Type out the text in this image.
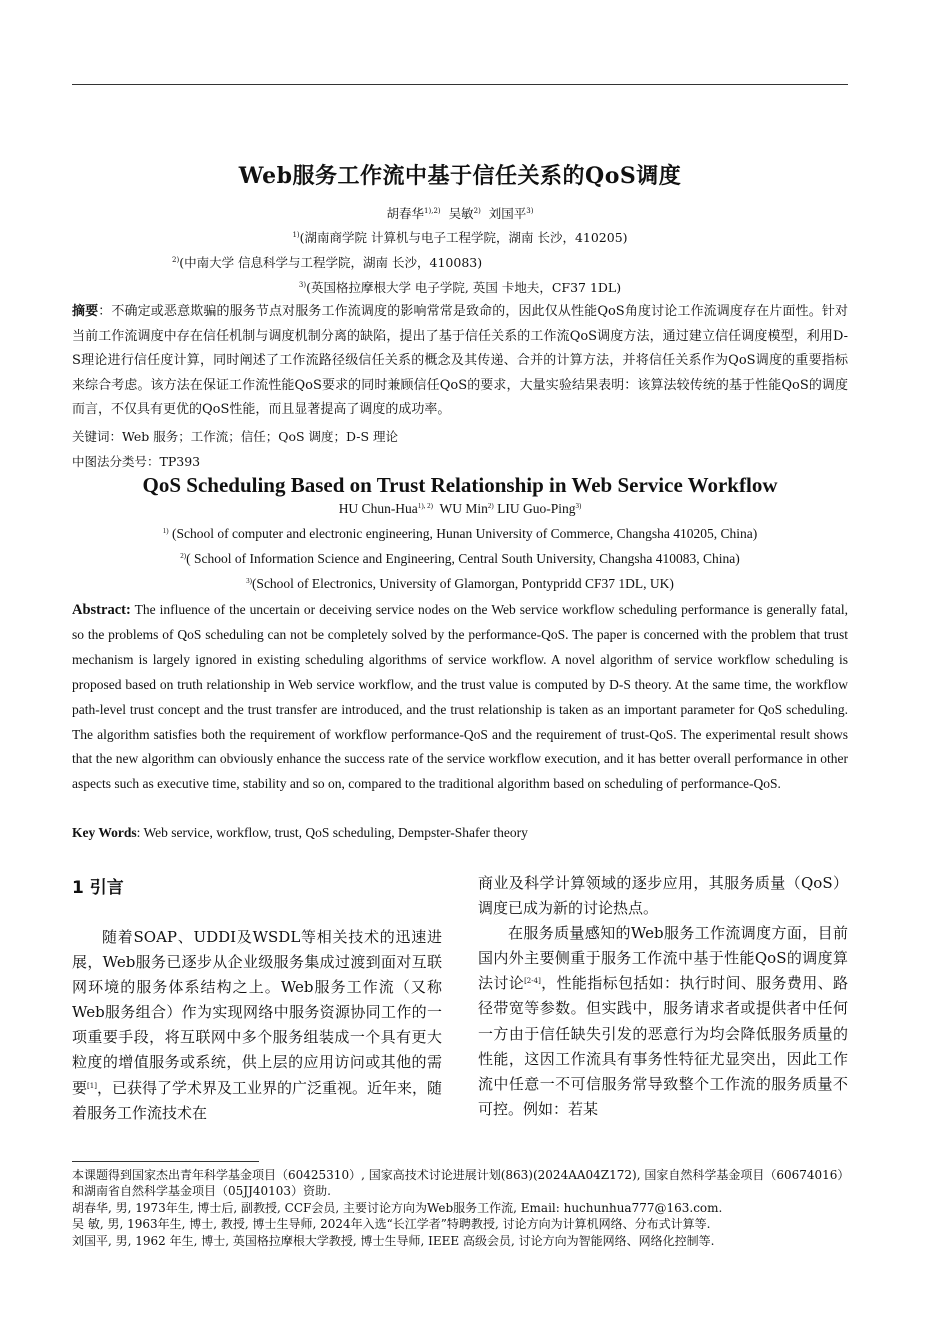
Web服务工作流中基于信任关系的QoS调度
胡春华$^{1),2)}$ 吴敏$^{2)}$ 刘国平$^{3)}$
$^{1)}$(湖南商学院 计算机与电子工程学院，湖南 长沙，410205)
$^{2)}$(中南大学 信息科学与工程学院，湖南 长沙，410083)
$^{3)}$(英国格拉摩根大学 电子学院, 英国 卡地夫，CF37 1DL)
摘要：不确定或恶意欺骗的服务节点对服务工作流调度的影响常常是致命的，因此仅从性能QoS角度讨论工作流调度存在片面性。针对当前工作流调度中存在信任机制与调度机制分离的缺陷，提出了基于信任关系的工作流QoS调度方法，通过建立信任调度模型，利用D-S理论进行信任度计算，同时阐述了工作流路径级信任关系的概念及其传递、合并的计算方法，并将信任关系作为QoS调度的重要指标来综合考虑。该方法在保证工作流性能QoS要求的同时兼顾信任QoS的要求，大量实验结果表明：该算法较传统的基于性能QoS的调度而言，不仅具有更优的QoS性能，而且显著提高了调度的成功率。
关键词：Web 服务；工作流；信任；QoS 调度；D-S 理论
中图法分类号：TP393
QoS Scheduling Based on Trust Relationship in Web Service Workflow
HU Chun-Hua$^{1), 2)}$ WU Min$^{2)}$ LIU Guo-Ping$^{3)}$
$^{1)}$ (School of computer and electronic engineering, Hunan University of Commerce, Changsha 410205, China)
$^{2)}$( School of Information Science and Engineering, Central South University, Changsha 410083, China)
$^{3)}$(School of Electronics, University of Glamorgan, Pontypridd CF37 1DL, UK)
Abstract: The influence of the uncertain or deceiving service nodes on the Web service workflow scheduling performance is generally fatal, so the problems of QoS scheduling can not be completely solved by the performance-QoS. The paper is concerned with the problem that trust mechanism is largely ignored in existing scheduling algorithms of service workflow. A novel algorithm of service workflow scheduling is proposed based on truth relationship in Web service workflow, and the trust value is computed by D-S theory. At the same time, the workflow path-level trust concept and the trust transfer are introduced, and the trust relationship is taken as an important parameter for QoS scheduling. The algorithm satisfies both the requirement of workflow performance-QoS and the requirement of trust-QoS. The experimental result shows that the new algorithm can obviously enhance the success rate of the service workflow execution, and it has better overall performance in other aspects such as executive time, stability and so on, compared to the traditional algorithm based on scheduling of performance-QoS.
Key Words: Web service, workflow, trust, QoS scheduling, Dempster-Shafer theory
1 引言
随着SOAP、UDDI及WSDL等相关技术的迅速进展，Web服务已逐步从企业级服务集成过渡到面对互联网环境的服务体系结构之上。Web服务工作流（又称Web服务组合）作为实现网络中服务资源协同工作的一项重要手段，将互联网中多个服务组装成一个具有更大粒度的增值服务或系统，供上层的应用访问或其他的需要[1]，已获得了学术界及工业界的广泛重视。近年来，随着服务工作流技术在
商业及科学计算领域的逐步应用，其服务质量（QoS）调度已成为新的讨论热点。
在服务质量感知的Web服务工作流调度方面，目前国内外主要侧重于服务工作流中基于性能QoS的调度算法讨论[2-4]，性能指标包括如：执行时间、服务费用、路径带宽等参数。但实践中，服务请求者或提供者中任何一方由于信任缺失引发的恶意行为均会降低服务质量的性能，这因工作流具有事务性特征尤显突出，因此工作流中任意一不可信服务常导致整个工作流的服务质量不可控。例如：若某
本课题得到国家杰出青年科学基金项目（60425310）, 国家高技术讨论进展计划(863)(2024AA04Z172), 国家自然科学基金项目（60674016）和湖南省自然科学基金项目（05JJ40103）资助.
胡春华, 男, 1973年生, 博士后, 副教授, CCF会员, 主要讨论方向为Web服务工作流, Email: huchunhua777@163.com.
吴 敏, 男, 1963年生, 博士, 教授, 博士生导师, 2024年入选“长江学者”特聘教授, 讨论方向为计算机网络、分布式计算等.
刘国平, 男, 1962 年生, 博士, 英国格拉摩根大学教授, 博士生导师, IEEE 高级会员, 讨论方向为智能网络、网络化控制等.
